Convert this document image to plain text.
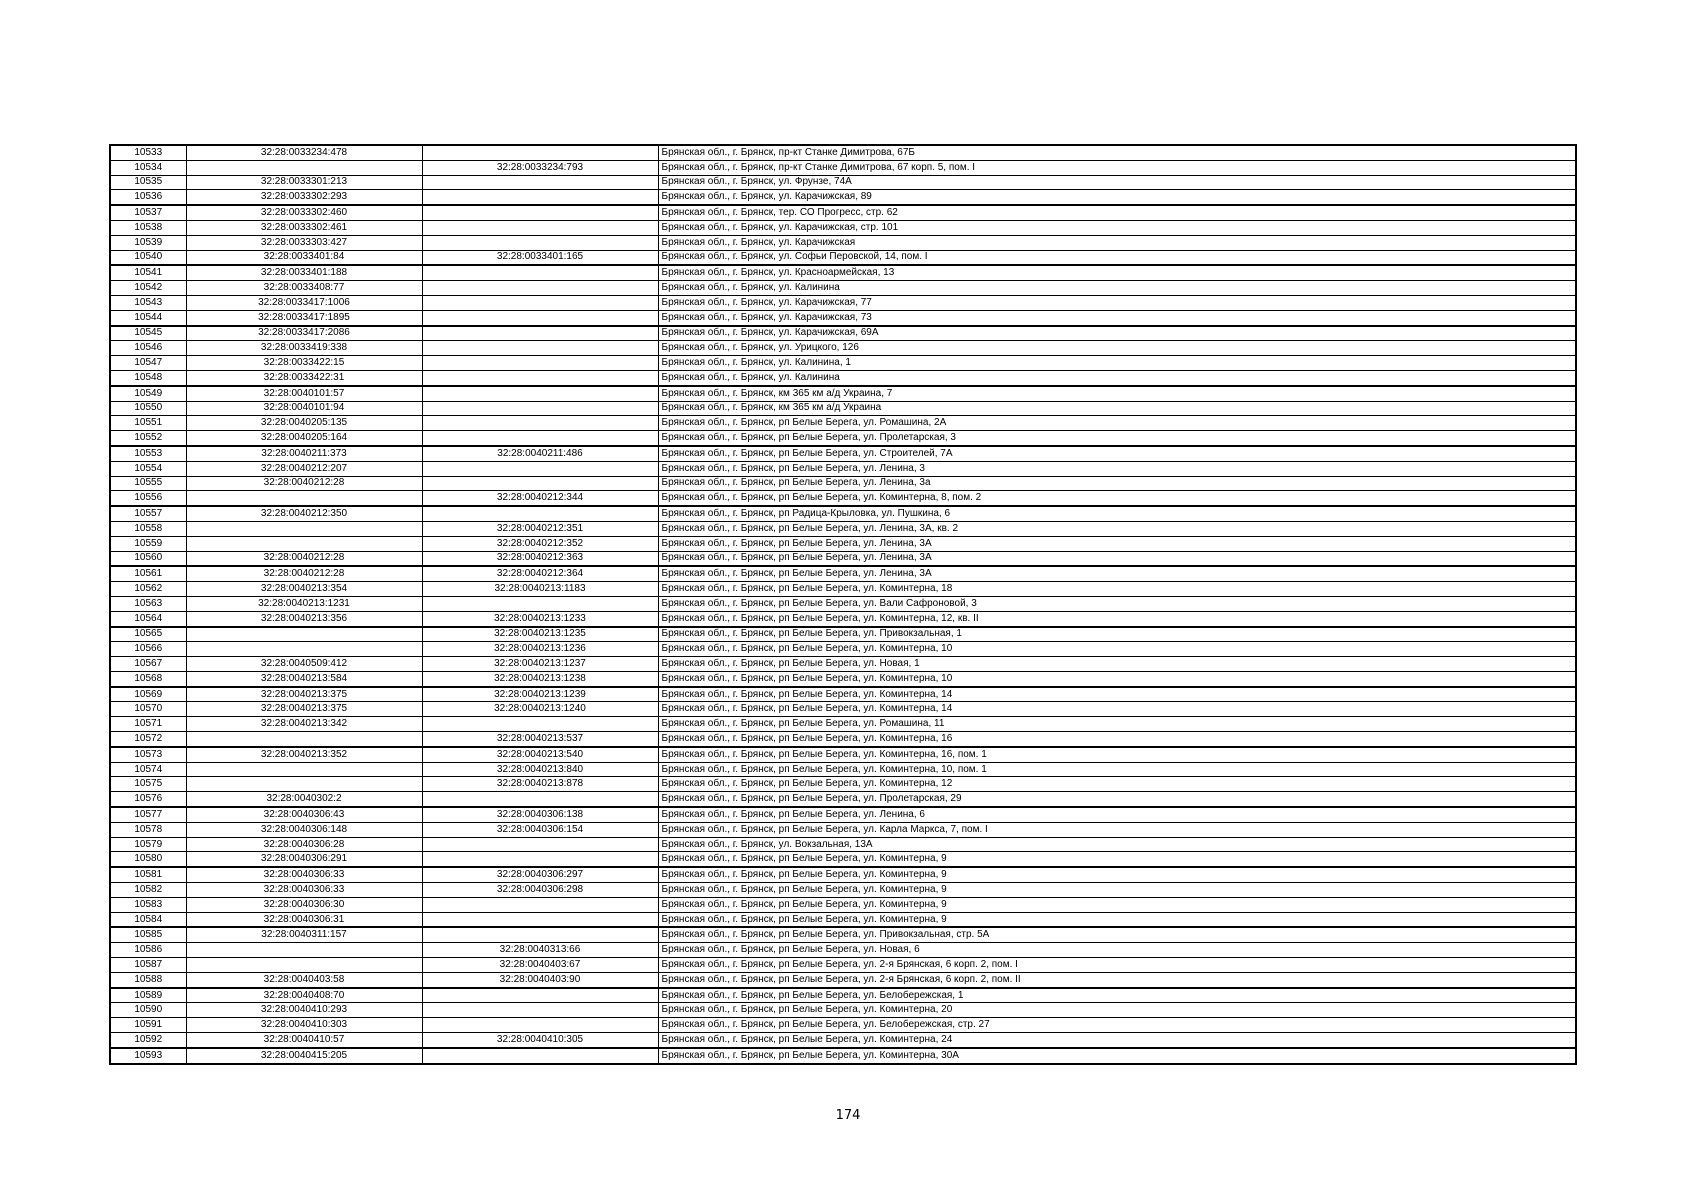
10533	32:28:0033234:478		Брянская обл., г. Брянск, пр-кт Станке Димитрова, 67Б
10534		32:28:0033234:793	Брянская обл., г. Брянск, пр-кт Станке Димитрова, 67 корп. 5, пом. I
10535	32:28:0033301:213		Брянская обл., г. Брянск, ул. Фрунзе, 74А
10536	32:28:0033302:293		Брянская обл., г. Брянск, ул. Карачижская, 89
10537	32:28:0033302:460		Брянская обл., г. Брянск, тер. СО Прогресс, стр. 62
10538	32:28:0033302:461		Брянская обл., г. Брянск, ул. Карачижская, стр. 101
10539	32:28:0033303:427		Брянская обл., г. Брянск, ул. Карачижская
10540	32:28:0033401:84	32:28:0033401:165	Брянская обл., г. Брянск, ул. Софьи Перовской, 14, пом. I
10541	32:28:0033401:188		Брянская обл., г. Брянск, ул. Красноармейская, 13
10542	32:28:0033408:77		Брянская обл., г. Брянск, ул. Калинина
10543	32:28:0033417:1006		Брянская обл., г. Брянск, ул. Карачижская, 77
10544	32:28:0033417:1895		Брянская обл., г. Брянск, ул. Карачижская, 73
10545	32:28:0033417:2086		Брянская обл., г. Брянск, ул. Карачижская, 69А
10546	32:28:0033419:338		Брянская обл., г. Брянск, ул. Урицкого, 126
10547	32:28:0033422:15		Брянская обл., г. Брянск, ул. Калинина, 1
10548	32:28:0033422:31		Брянская обл., г. Брянск, ул. Калинина
10549	32:28:0040101:57		Брянская обл., г. Брянск, км 365 км а/д Украина, 7
10550	32:28:0040101:94		Брянская обл., г. Брянск, км 365 км а/д Украина
10551	32:28:0040205:135		Брянская обл., г. Брянск, рп Белые Берега, ул. Ромашина, 2А
10552	32:28:0040205:164		Брянская обл., г. Брянск, рп Белые Берега, ул. Пролетарская, 3
10553	32:28:0040211:373	32:28:0040211:486	Брянская обл., г. Брянск, рп Белые Берега, ул. Строителей, 7А
10554	32:28:0040212:207		Брянская обл., г. Брянск, рп Белые Берега, ул. Ленина, 3
10555	32:28:0040212:28		Брянская обл., г. Брянск, рп Белые Берега, ул. Ленина, 3а
10556		32:28:0040212:344	Брянская обл., г. Брянск, рп Белые Берега, ул. Коминтерна, 8, пом. 2
10557	32:28:0040212:350		Брянская обл., г. Брянск, рп Радица-Крыловка, ул. Пушкина, 6
10558		32:28:0040212:351	Брянская обл., г. Брянск, рп Белые Берега, ул. Ленина, 3А, кв. 2
10559		32:28:0040212:352	Брянская обл., г. Брянск, рп Белые Берега, ул. Ленина, 3А
10560	32:28:0040212:28	32:28:0040212:363	Брянская обл., г. Брянск, рп Белые Берега, ул. Ленина, 3А
10561	32:28:0040212:28	32:28:0040212:364	Брянская обл., г. Брянск, рп Белые Берега, ул. Ленина, 3А
10562	32:28:0040213:354	32:28:0040213:1183	Брянская обл., г. Брянск, рп Белые Берега, ул. Коминтерна, 18
10563	32:28:0040213:1231		Брянская обл., г. Брянск, рп Белые Берега, ул. Вали Сафроновой, 3
10564	32:28:0040213:356	32:28:0040213:1233	Брянская обл., г. Брянск, рп Белые Берега, ул. Коминтерна, 12, кв. II
10565		32:28:0040213:1235	Брянская обл., г. Брянск, рп Белые Берега, ул. Привокзальная, 1
10566		32:28:0040213:1236	Брянская обл., г. Брянск, рп Белые Берега, ул. Коминтерна, 10
10567	32:28:0040509:412	32:28:0040213:1237	Брянская обл., г. Брянск, рп Белые Берега, ул. Новая, 1
10568	32:28:0040213:584	32:28:0040213:1238	Брянская обл., г. Брянск, рп Белые Берега, ул. Коминтерна, 10
10569	32:28:0040213:375	32:28:0040213:1239	Брянская обл., г. Брянск, рп Белые Берега, ул. Коминтерна, 14
10570	32:28:0040213:375	32:28:0040213:1240	Брянская обл., г. Брянск, рп Белые Берега, ул. Коминтерна, 14
10571	32:28:0040213:342		Брянская обл., г. Брянск, рп Белые Берега, ул. Ромашина, 11
10572		32:28:0040213:537	Брянская обл., г. Брянск, рп Белые Берега, ул. Коминтерна, 16
10573	32:28:0040213:352	32:28:0040213:540	Брянская обл., г. Брянск, рп Белые Берега, ул. Коминтерна, 16, пом. 1
10574		32:28:0040213:840	Брянская обл., г. Брянск, рп Белые Берега, ул. Коминтерна, 10, пом. 1
10575		32:28:0040213:878	Брянская обл., г. Брянск, рп Белые Берега, ул. Коминтерна, 12
10576	32:28:0040302:2		Брянская обл., г. Брянск, рп Белые Берега, ул. Пролетарская, 29
10577	32:28:0040306:43	32:28:0040306:138	Брянская обл., г. Брянск, рп Белые Берега, ул. Ленина, 6
10578	32:28:0040306:148	32:28:0040306:154	Брянская обл., г. Брянск, рп Белые Берега, ул. Карла Маркса, 7, пом. I
10579	32:28:0040306:28		Брянская обл., г. Брянск, ул. Вокзальная, 13А
10580	32:28:0040306:291		Брянская обл., г. Брянск, рп Белые Берега, ул. Коминтерна, 9
10581	32:28:0040306:33	32:28:0040306:297	Брянская обл., г. Брянск, рп Белые Берега, ул. Коминтерна, 9
10582	32:28:0040306:33	32:28:0040306:298	Брянская обл., г. Брянск, рп Белые Берега, ул. Коминтерна, 9
10583	32:28:0040306:30		Брянская обл., г. Брянск, рп Белые Берега, ул. Коминтерна, 9
10584	32:28:0040306:31		Брянская обл., г. Брянск, рп Белые Берега, ул. Коминтерна, 9
10585	32:28:0040311:157		Брянская обл., г. Брянск, рп Белые Берега, ул. Привокзальная, стр. 5А
10586		32:28:0040313:66	Брянская обл., г. Брянск, рп Белые Берега, ул. Новая, 6
10587		32:28:0040403:67	Брянская обл., г. Брянск, рп Белые Берега, ул. 2-я Брянская, 6 корп. 2, пом. I
10588	32:28:0040403:58	32:28:0040403:90	Брянская обл., г. Брянск, рп Белые Берега, ул. 2-я Брянская, 6 корп. 2, пом. II
10589	32:28:0040408:70		Брянская обл., г. Брянск, рп Белые Берега, ул. Белобережская, 1
10590	32:28:0040410:293		Брянская обл., г. Брянск, рп Белые Берега, ул. Коминтерна, 20
10591	32:28:0040410:303		Брянская обл., г. Брянск, рп Белые Берега, ул. Белобережская, стр. 27
10592	32:28:0040410:57	32:28:0040410:305	Брянская обл., г. Брянск, рп Белые Берега, ул. Коминтерна, 24
10593	32:28:0040415:205		Брянская обл., г. Брянск, рп Белые Берега, ул. Коминтерна, 30А
174
